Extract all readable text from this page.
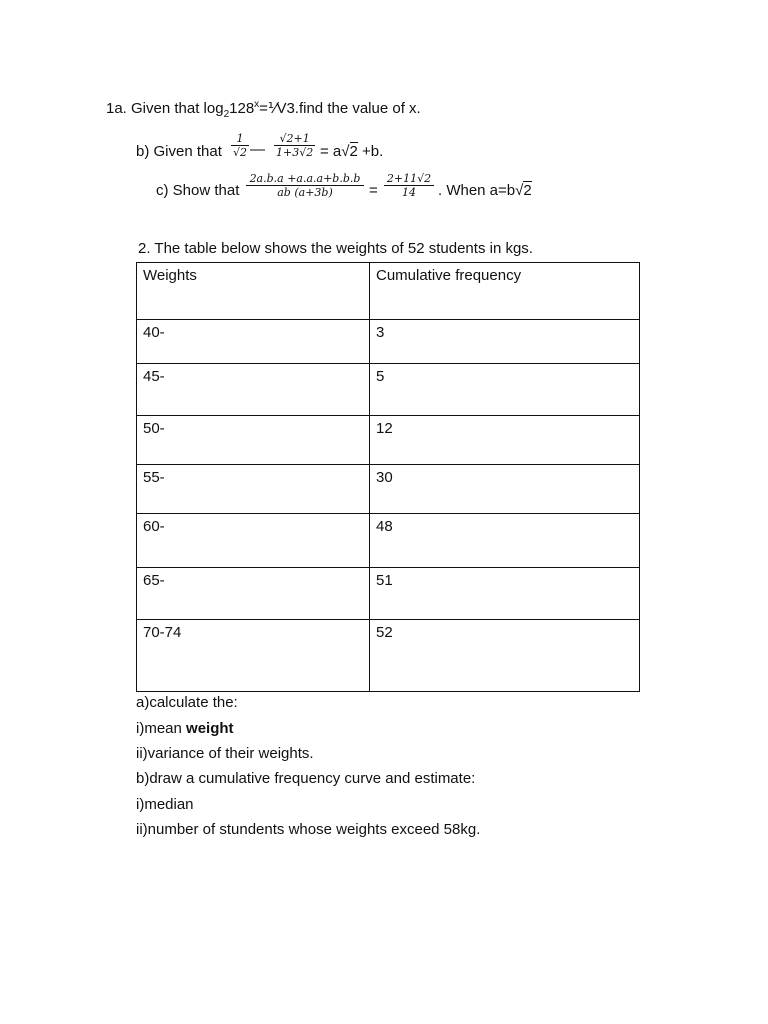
1a. Given that $\log_2128^x=⅟V3.find$ the value of x.
b) Given that $\frac{1}{√2}$ — $\frac{√2+1}{1+3√2} = a√2 +b$.
c) Show that $\frac{2a.b.a +a.a.a+b.b.b}{ab (a+3b)} = \frac{2+11√2}{14}$ . When a=b√2
2. The table below shows the weights of 52 students in kgs.
Weights	Cumulative frequency
40-	3
45-	5
50-	12
55-	30
60-	48
65-	51
70-74	52
a)calculate the:
i)mean weight
ii)variance of their weights.
b)draw a cumulative frequency curve and estimate:
i)median
ii)number of stundents whose weights exceed 58kg.
